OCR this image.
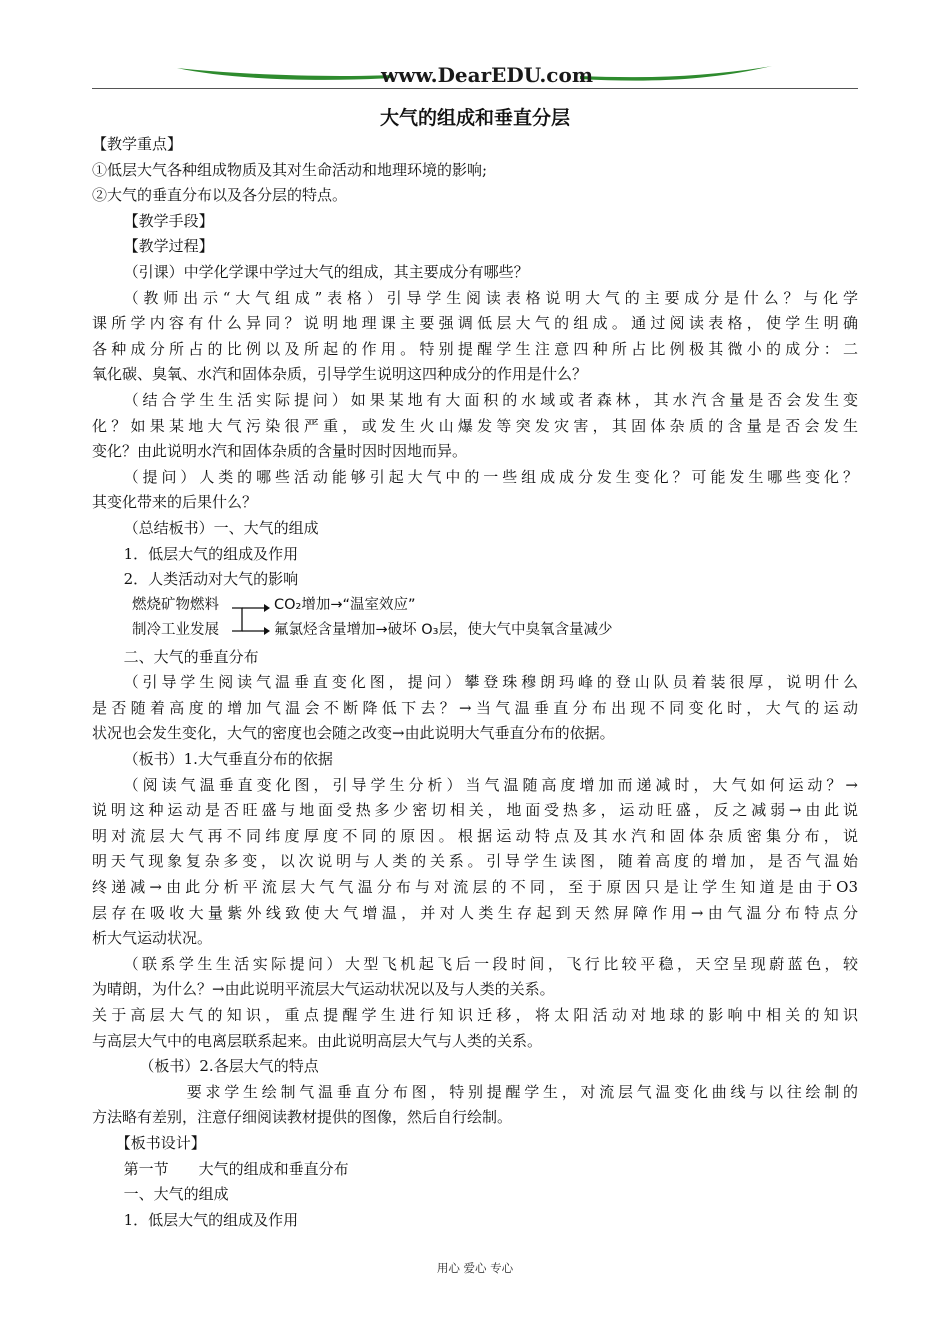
www.DearEDU.com
大气的组成和垂直分层
【教学重点】
①低层大气各种组成物质及其对生命活动和地理环境的影响;
②大气的垂直分布以及各分层的特点。
【教学手段】
【教学过程】
（引课）中学化学课中学过大气的组成，其主要成分有哪些？
（教师出示“大气组成”表格）引导学生阅读表格说明大气的主要成分是什么？与化学
课所学内容有什么异同？说明地理课主要强调低层大气的组成。通过阅读表格，使学生明确
各种成分所占的比例以及所起的作用。特别提醒学生注意四种所占比例极其微小的成分：二
氧化碳、臭氧、水汽和固体杂质，引导学生说明这四种成分的作用是什么？
（结合学生生活实际提问）如果某地有大面积的水域或者森林，其水汽含量是否会发生变
化？如果某地大气污染很严重，或发生火山爆发等突发灾害，其固体杂质的含量是否会发生
变化？由此说明水汽和固体杂质的含量时因时因地而异。
（提问）人类的哪些活动能够引起大气中的一些组成成分发生变化？可能发生哪些变化？
其变化带来的后果什么？
（总结板书）一、大气的组成
1．低层大气的组成及作用
2．人类活动对大气的影响
燃烧矿物燃料
制冷工业发展
CO₂增加→“温室效应”
氟氯烃含量增加→破坏 O₃层，使大气中臭氧含量减少
二、大气的垂直分布
（引导学生阅读气温垂直变化图，提问）攀登珠穆朗玛峰的登山队员着装很厚，说明什么
是否随着高度的增加气温会不断降低下去？→当气温垂直分布出现不同变化时，大气的运动
状况也会发生变化，大气的密度也会随之改变→由此说明大气垂直分布的依据。
（板书）1.大气垂直分布的依据
（阅读气温垂直变化图，引导学生分析）当气温随高度增加而递减时，大气如何运动？→
说明这种运动是否旺盛与地面受热多少密切相关，地面受热多，运动旺盛，反之减弱→由此说
明对流层大气再不同纬度厚度不同的原因。根据运动特点及其水汽和固体杂质密集分布，说
明天气现象复杂多变，以次说明与人类的关系。引导学生读图，随着高度的增加，是否气温始
终递减→由此分析平流层大气气温分布与对流层的不同，至于原因只是让学生知道是由于O3
层存在吸收大量紫外线致使大气增温，并对人类生存起到天然屏障作用→由气温分布特点分
析大气运动状况。
（联系学生生活实际提问）大型飞机起飞后一段时间，飞行比较平稳，天空呈现蔚蓝色，较
为晴朗，为什么？→由此说明平流层大气运动状况以及与人类的关系。
关于高层大气的知识，重点提醒学生进行知识迁移，将太阳活动对地球的影响中相关的知识
与高层大气中的电离层联系起来。由此说明高层大气与人类的关系。
（板书）2.各层大气的特点
要求学生绘制气温垂直分布图，特别提醒学生，对流层气温变化曲线与以往绘制的
方法略有差别，注意仔细阅读教材提供的图像，然后自行绘制。
【板书设计】
第一节　　大气的组成和垂直分布
一、大气的组成
1．低层大气的组成及作用
用心 爱心 专心
